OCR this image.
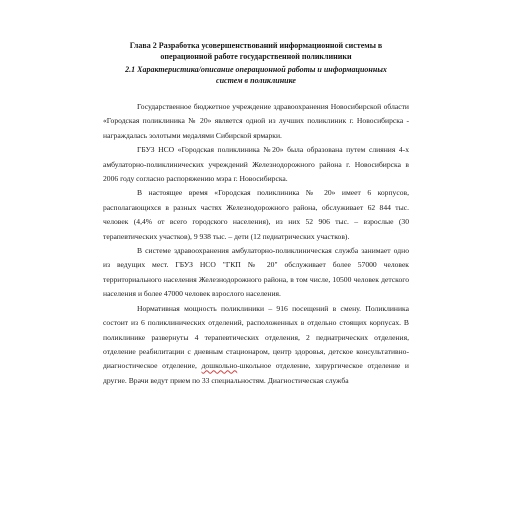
Глава 2 Разработка усовершенствований информационной системы в
операционной работе государственной поликлиники

2.1 Характеристика/описание операционной работы и информационных
систем в поликлинике

Государственное бюджетное учреждение здравоохранения Новосибирской области «Городская поликлиника № 20» является одной из лучших поликлиник г. Новосибирска - награждалась золотыми медалями Сибирской ярмарки.

ГБУЗ НСО «Городская поликлиника №20» была образована путем слияния 4-х амбулаторно-поликлинических учреждений Железнодорожного района г. Новосибирска в 2006 году согласно распоряжению мэра г. Новосибирска.

В настоящее время «Городская поликлиника № 20» имеет 6 корпусов, располагающихся в разных частях Железнодорожного района, обслуживает 62 844 тыс. человек (4,4% от всего городского населения), из них 52 906 тыс. – взрослые (30 терапевтических участков), 9 938 тыс. – дети (12 педиатрических участков).

В системе здравоохранения амбулаторно-поликлиническая служба занимает одно из ведущих мест. ГБУЗ НСО "ГКП № 20" обслуживает более 57000 человек территориального населения Железнодорожного района, в том числе, 10500 человек детского населения и более 47000 человек взрослого населения.

Нормативная мощность поликлиники – 916 посещений в смену. Поликлиника состоит из 6 поликлинических отделений, расположенных в отдельно стоящих корпусах. В поликлинике развернуты 4 терапевтических отделения, 2 педиатрических отделения, отделение реабилитации с дневным стационаром, центр здоровья, детское консультативно-диагностическое отделение, дошкольно-школьное отделение, хирургическое отделение и другие. Врачи ведут прием по 33 специальностям. Диагностическая служба
